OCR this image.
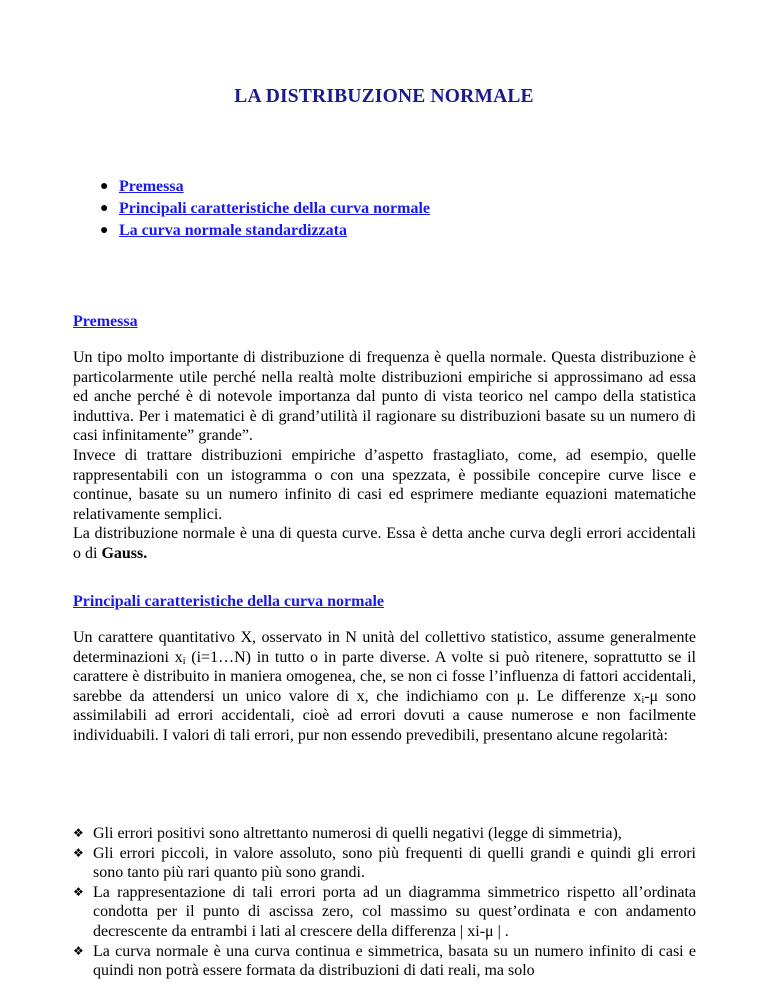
LA DISTRIBUZIONE NORMALE
● Premessa
● Principali caratteristiche della curva normale
● La curva normale standardizzata
Premessa

Un tipo molto importante di distribuzione di frequenza è quella normale. Questa distribuzione è particolarmente utile perché nella realtà molte distribuzioni empiriche si approssimano ad essa ed anche perché è di notevole importanza dal punto di vista teorico nel campo della statistica induttiva. Per i matematici è di grand’utilità il ragionare su distribuzioni basate su un numero di casi infinitamente” grande”.

Invece di trattare distribuzioni empiriche d’aspetto frastagliato, come, ad esempio, quelle rappresentabili con un istogramma o con una spezzata, è possibile concepire curve lisce e continue, basate su un numero infinito di casi ed esprimere mediante equazioni matematiche relativamente semplici.

La distribuzione normale è una di questa curve. Essa è detta anche curva degli errori accidentali o di Gauss.

Principali caratteristiche della curva normale

Un carattere quantitativo X, osservato in N unità del collettivo statistico, assume generalmente determinazioni $x_i$ (i=1…N) in tutto o in parte diverse. A volte si può ritenere, soprattutto se il carattere è distribuito in maniera omogenea, che, se non ci fosse l’influenza di fattori accidentali, sarebbe da attendersi un unico valore di x, che indichiamo con μ. Le differenze $x_i-\mu$ sono assimilabili ad errori accidentali, cioè ad errori dovuti a cause numerose e non facilmente individuabili. I valori di tali errori, pur non essendo prevedibili, presentano alcune regolarità:

❖ Gli errori positivi sono altrettanto numerosi di quelli negativi (legge di simmetria),
❖ Gli errori piccoli, in valore assoluto, sono più frequenti di quelli grandi e quindi gli errori sono tanto più rari quanto più sono grandi.
❖ La rappresentazione di tali errori porta ad un diagramma simmetrico rispetto all’ordinata condotta per il punto di ascissa zero, col massimo su quest’ordinata e con andamento decrescente da entrambi i lati al crescere della differenza | xi-μ | .
❖ La curva normale è una curva continua e simmetrica, basata su un numero infinito di casi e quindi non potrà essere formata da distribuzioni di dati reali, ma solo
